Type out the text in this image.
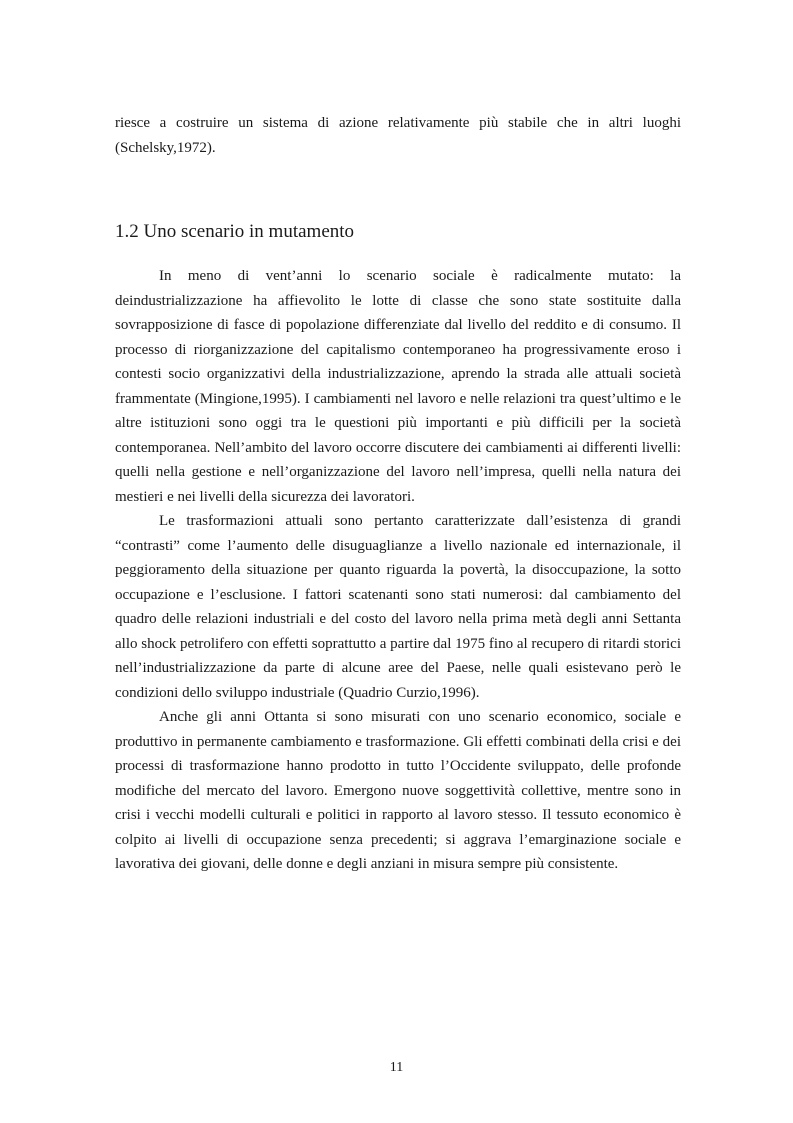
riesce a costruire un sistema di azione relativamente più stabile che in altri luoghi (Schelsky,1972).

1.2 Uno scenario in mutamento

In meno di vent’anni lo scenario sociale è radicalmente mutato: la deindustrializzazione ha affievolito le lotte di classe che sono state sostituite dalla sovrapposizione di fasce di popolazione differenziate dal livello del reddito e di consumo. Il processo di riorganizzazione del capitalismo contemporaneo ha progressivamente eroso i contesti socio organizzativi della industrializzazione, aprendo la strada alle attuali società frammentate (Mingione,1995). I cambiamenti nel lavoro e nelle relazioni tra quest’ultimo e le altre istituzioni sono oggi tra le questioni più importanti e più difficili per la società contemporanea. Nell’ambito del lavoro occorre discutere dei cambiamenti ai differenti livelli: quelli nella gestione e nell’organizzazione del lavoro nell’impresa, quelli nella natura dei mestieri e nei livelli della sicurezza dei lavoratori.

Le trasformazioni attuali sono pertanto caratterizzate dall’esistenza di grandi “contrasti” come l’aumento delle disuguaglianze a livello nazionale ed internazionale, il peggioramento della situazione per quanto riguarda la povertà, la disoccupazione, la sotto occupazione e l’esclusione. I fattori scatenanti sono stati numerosi: dal cambiamento del quadro delle relazioni industriali e del costo del lavoro nella prima metà degli anni Settanta allo shock petrolifero con effetti soprattutto a partire dal 1975 fino al recupero di ritardi storici nell’industrializzazione da parte di alcune aree del Paese, nelle quali esistevano però le condizioni dello sviluppo industriale (Quadrio Curzio,1996).

Anche gli anni Ottanta si sono misurati con uno scenario economico, sociale e produttivo in permanente cambiamento e trasformazione. Gli effetti combinati della crisi e dei processi di trasformazione hanno prodotto in tutto l’Occidente sviluppato, delle profonde modifiche del mercato del lavoro. Emergono nuove soggettività collettive, mentre sono in crisi i vecchi modelli culturali e politici in rapporto al lavoro stesso. Il tessuto economico è colpito ai livelli di occupazione senza precedenti; si aggrava l’emarginazione sociale e lavorativa dei giovani, delle donne e degli anziani in misura sempre più consistente.

11
